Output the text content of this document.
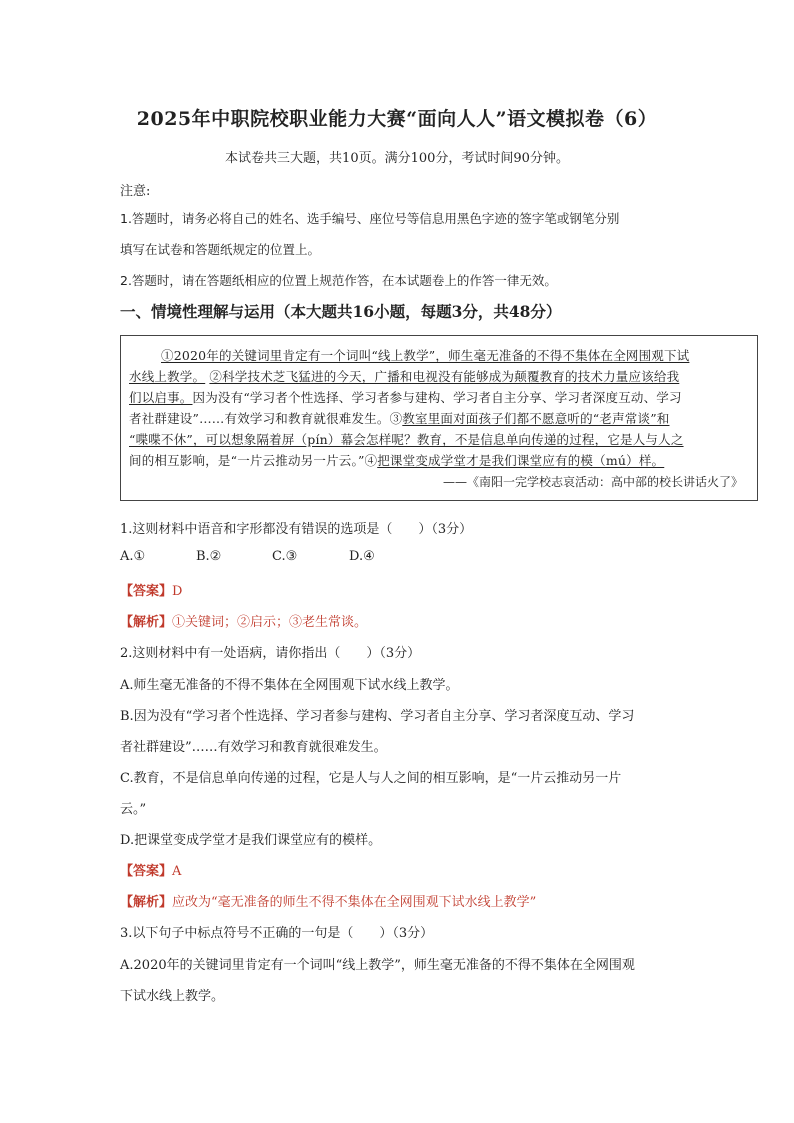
2025年中职院校职业能力大赛“面向人人”语文模拟卷（6）
本试卷共三大题，共10页。满分100分，考试时间90分钟。
注意:
1.答题时，请务必将自己的姓名、选手编号、座位号等信息用黑色字迹的签字笔或钢笔分别
填写在试卷和答题纸规定的位置上。
2.答题时，请在答题纸相应的位置上规范作答，在本试题卷上的作答一律无效。
一、情境性理解与运用（本大题共16小题，每题3分，共48分）
①2020年的关键词里肯定有一个词叫“线上教学”，师生毫无准备的不得不集体在全网围观下试
水线上教学。 ②科学技术芝飞猛进的今天，广播和电视没有能够成为颠覆教育的技术力量应该给我
们以启事。因为没有“学习者个性选择、学习者参与建构、学习者自主分享、学习者深度互动、学习
者社群建设”……有效学习和教育就很难发生。③教室里面对面孩子们都不愿意听的“老声常谈”和
“喋喋不休”，可以想象隔着屏（pín）幕会怎样呢？教育，不是信息单向传递的过程，它是人与人之
间的相互影响，是“一片云推动另一片云。”④把课堂变成学堂才是我们课堂应有的模（mú）样。
——《南阳一完学校志哀活动：高中部的校长讲话火了》
1.这则材料中语音和字形都没有错误的选项是（　　）（3分）
A.①	B.②	C.③	D.④
【答案】D
【解析】①关键词；②启示；③老生常谈。
2.这则材料中有一处语病，请你指出（　　）（3分）
A.师生毫无准备的不得不集体在全网围观下试水线上教学。
B.因为没有“学习者个性选择、学习者参与建构、学习者自主分享、学习者深度互动、学习
者社群建设”……有效学习和教育就很难发生。
C.教育，不是信息单向传递的过程，它是人与人之间的相互影响，是“一片云推动另一片
云。”
D.把课堂变成学堂才是我们课堂应有的模样。
【答案】A
【解析】应改为“毫无准备的师生不得不集体在全网围观下试水线上教学”
3.以下句子中标点符号不正确的一句是（　　）（3分）
A.2020年的关键词里肯定有一个词叫“线上教学”，师生毫无准备的不得不集体在全网围观
下试水线上教学。
